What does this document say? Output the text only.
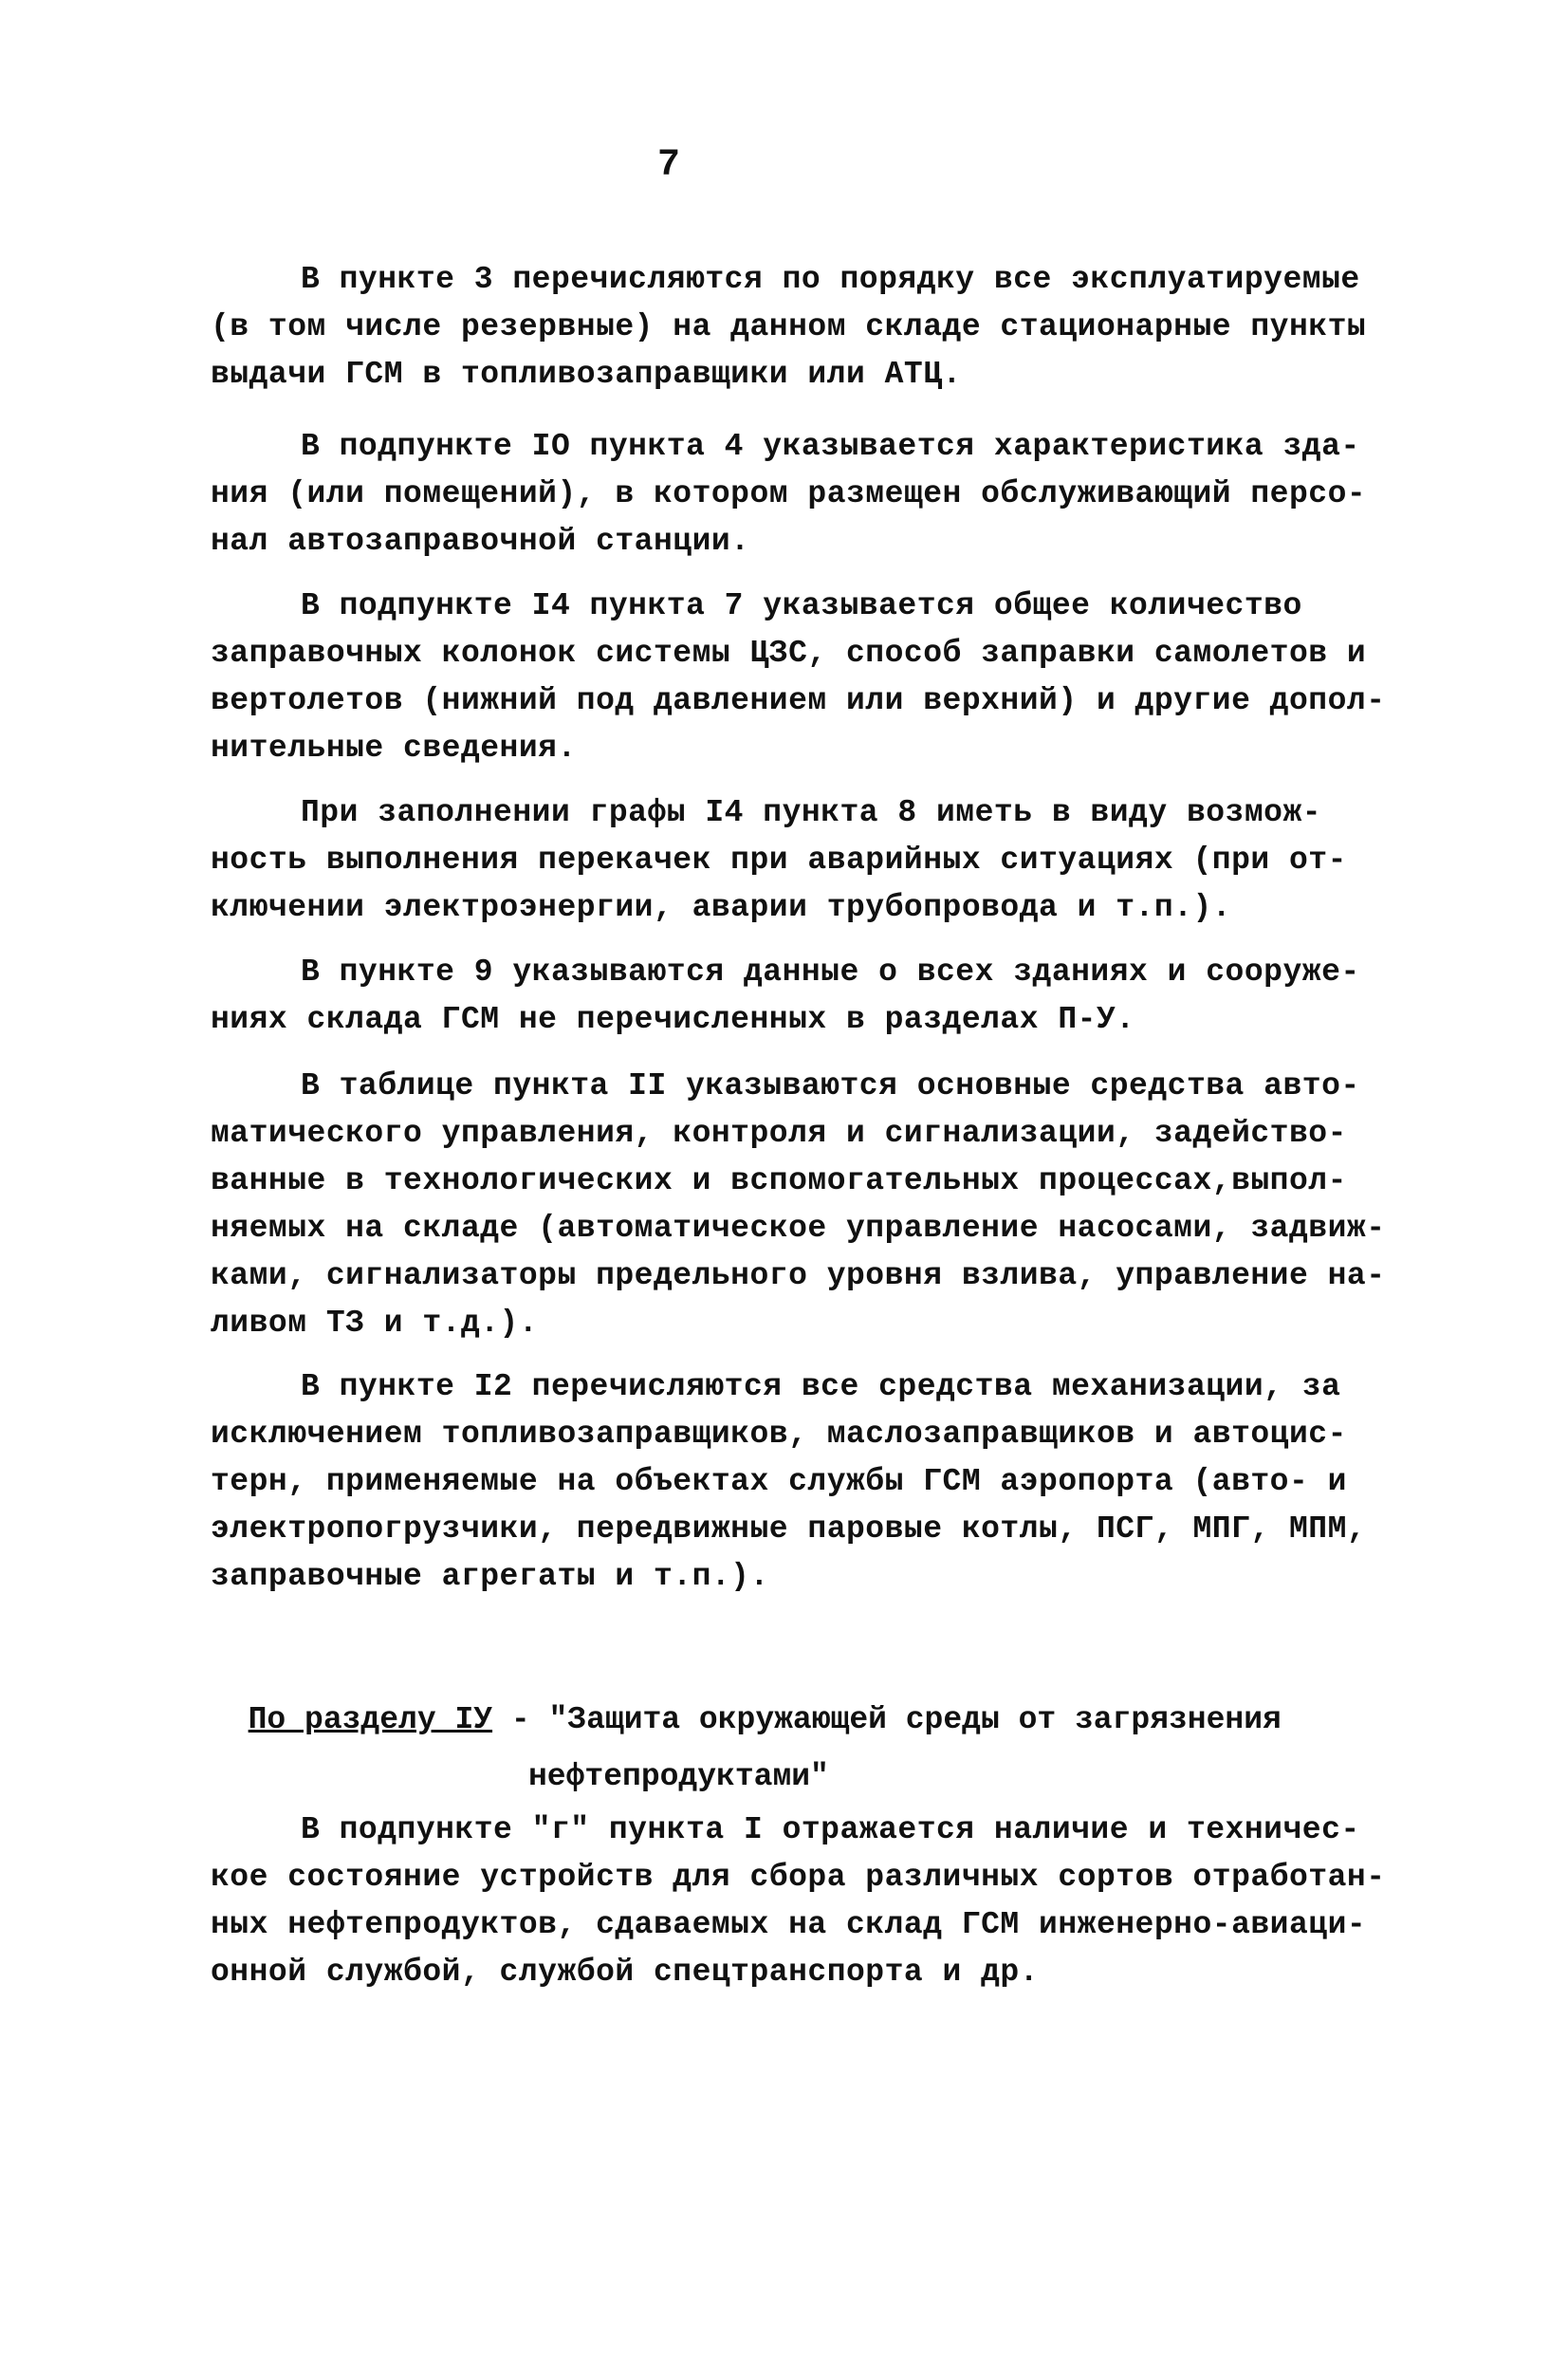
7
В пункте 3 перечисляются по порядку все эксплуатируемые
(в том числе резервные) на данном складе стационарные пункты
выдачи ГСМ в топливозаправщики или АТЦ.
В подпункте IO пункта 4 указывается характеристика зда-
ния (или помещений), в котором размещен обслуживающий персо-
нал автозаправочной станции.
В подпункте I4 пункта 7 указывается общее количество
заправочных колонок системы ЦЗС, способ заправки самолетов и
вертолетов (нижний под давлением или верхний) и другие допол-
нительные сведения.
При заполнении графы I4 пункта 8 иметь в виду возмож-
ность выполнения перекачек при аварийных ситуациях (при от-
ключении электроэнергии, аварии трубопровода и т.п.).
В пункте 9 указываются данные о всех зданиях и сооруже-
ниях склада ГСМ не перечисленных в разделах П-У.
В таблице пункта II указываются основные средства авто-
матического управления, контроля и сигнализации, задейство-
ванные в технологических и вспомогательных процессах,выпол-
няемых на складе (автоматическое управление насосами, задвиж-
ками, сигнализаторы предельного уровня взлива, управление на-
ливом ТЗ и т.д.).
В пункте I2 перечисляются все средства механизации, за
исключением топливозаправщиков, маслозаправщиков и автоцис-
терн, применяемые на объектах службы ГСМ аэропорта (авто- и
электропогрузчики, передвижные паровые котлы, ПСГ, МПГ, МПМ,
заправочные агрегаты и т.п.).

По разделу IУ - "Защита окружающей среды от загрязнения

нефтепродуктами"

В подпункте "г" пункта I отражается наличие и техничес-
кое состояние устройств для сбора различных сортов отработан-
ных нефтепродуктов, сдаваемых на склад ГСМ инженерно-авиаци-
онной службой, службой спецтранспорта и др.
